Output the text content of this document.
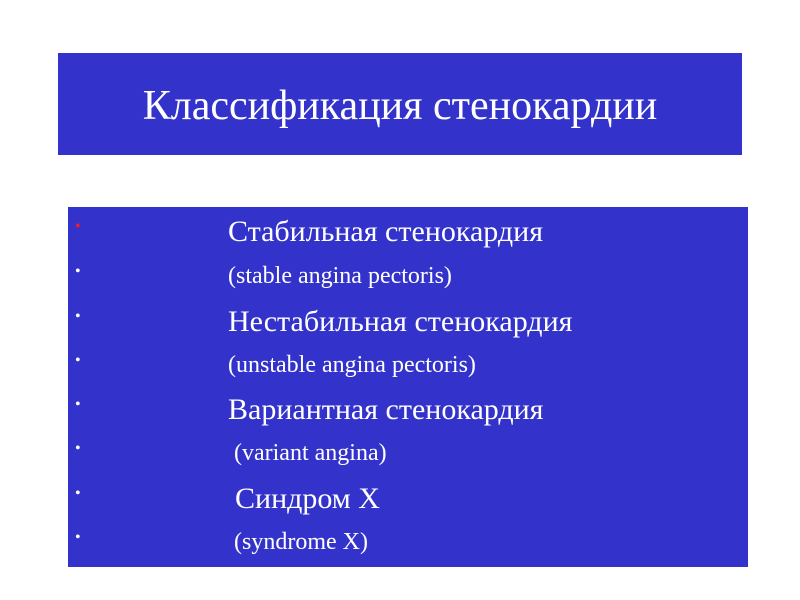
Классификация стенокардии
•	Стабильная стенокардия
•	(stable angina pectoris)
•	Нестабильная стенокардия
•	(unstable angina pectoris)
•	Вариантная стенокардия
•	(variant angina)
•	Синдром Х
•	(syndrome X)
